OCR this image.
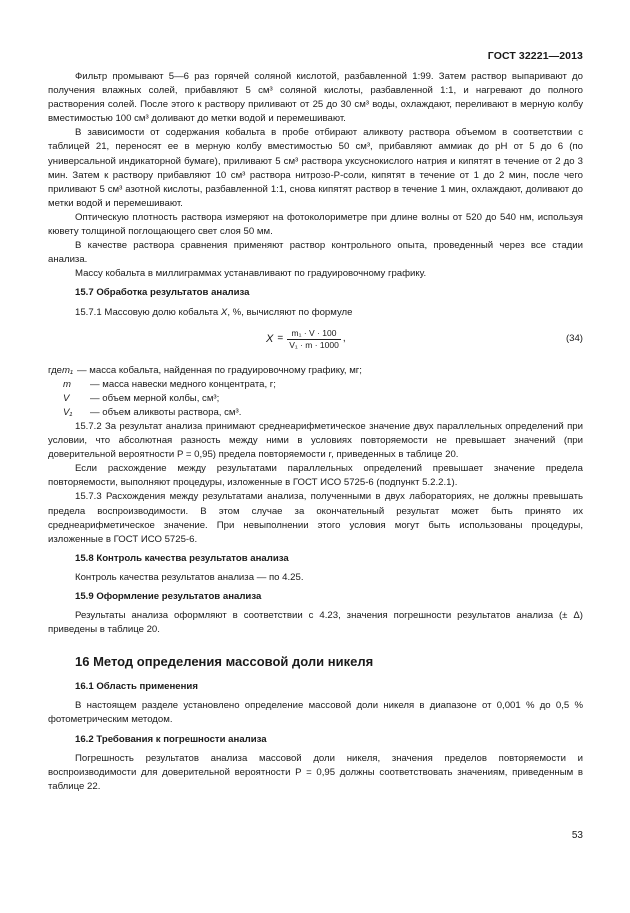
ГОСТ 32221—2013

Фильтр промывают 5—6 раз горячей соляной кислотой, разбавленной 1:99. Затем раствор выпаривают до получения влажных солей, прибавляют 5 см³ соляной кислоты, разбавленной 1:1, и нагревают до полного растворения солей. После этого к раствору приливают от 25 до 30 см³ воды, охлаждают, переливают в мерную колбу вместимостью 100 см³ доливают до метки водой и перемешивают.

В зависимости от содержания кобальта в пробе отбирают аликвоту раствора объемом в соответствии с таблицей 21, переносят ее в мерную колбу вместимостью 50 см³, прибавляют аммиак до рН от 5 до 6 (по универсальной индикаторной бумаге), приливают 5 см³ раствора уксуснокислого натрия и кипятят в течение от 2 до 3 мин. Затем к раствору прибавляют 10 см³ раствора нитрозо-Р-соли, кипятят в течение от 1 до 2 мин, после чего приливают 5 см³ азотной кислоты, разбавленной 1:1, снова кипятят раствор в течение 1 мин, охлаждают, доливают до метки водой и перемешивают.

Оптическую плотность раствора измеряют на фотоколориметре при длине волны от 520 до 540 нм, используя кювету толщиной поглощающего свет слоя 50 мм.

В качестве раствора сравнения применяют раствор контрольного опыта, проведенный через все стадии анализа.

Массу кобальта в миллиграммах устанавливают по градуировочному графику.

15.7 Обработка результатов анализа

15.7.1 Массовую долю кобальта X, %, вычисляют по формуле

$X = \frac{\text{m₁ · V · 100}}{\text{V₁ · m · 1000}}$ ,	(34)
где m₁ — масса кобальта, найденная по градуировочному графику, мг;
m	— масса навески медного концентрата, г;
V	— объем мерной колбы, см³;
V₁	— объем аликвоты раствора, см³.

15.7.2 За результат анализа принимают среднеарифметическое значение двух параллельных определений при условии, что абсолютная разность между ними в условиях повторяемости не превышает значений (при доверительной вероятности P = 0,95) предела повторяемости r, приведенных в таблице 20.

Если расхождение между результатами параллельных определений превышает значение предела повторяемости, выполняют процедуры, изложенные в ГОСТ ИСО 5725-6 (подпункт 5.2.2.1).

15.7.3 Расхождения между результатами анализа, полученными в двух лабораториях, не должны превышать предела воспроизводимости. В этом случае за окончательный результат может быть принято их среднеарифметическое значение. При невыполнении этого условия могут быть использованы процедуры, изложенные в ГОСТ ИСО 5725-6.

15.8 Контроль качества результатов анализа

Контроль качества результатов анализа — по 4.25.

15.9 Оформление результатов анализа

Результаты анализа оформляют в соответствии с 4.23, значения погрешности результатов анализа (± Δ) приведены в таблице 20.

16 Метод определения массовой доли никеля

16.1 Область применения

В настоящем разделе установлено определение массовой доли никеля в диапазоне от 0,001 % до 0,5 % фотометрическим методом.

16.2 Требования к погрешности анализа

Погрешность результатов анализа массовой доли никеля, значения пределов повторяемости и воспроизводимости для доверительной вероятности P = 0,95 должны соответствовать значениям, приведенным в таблице 22.

53
